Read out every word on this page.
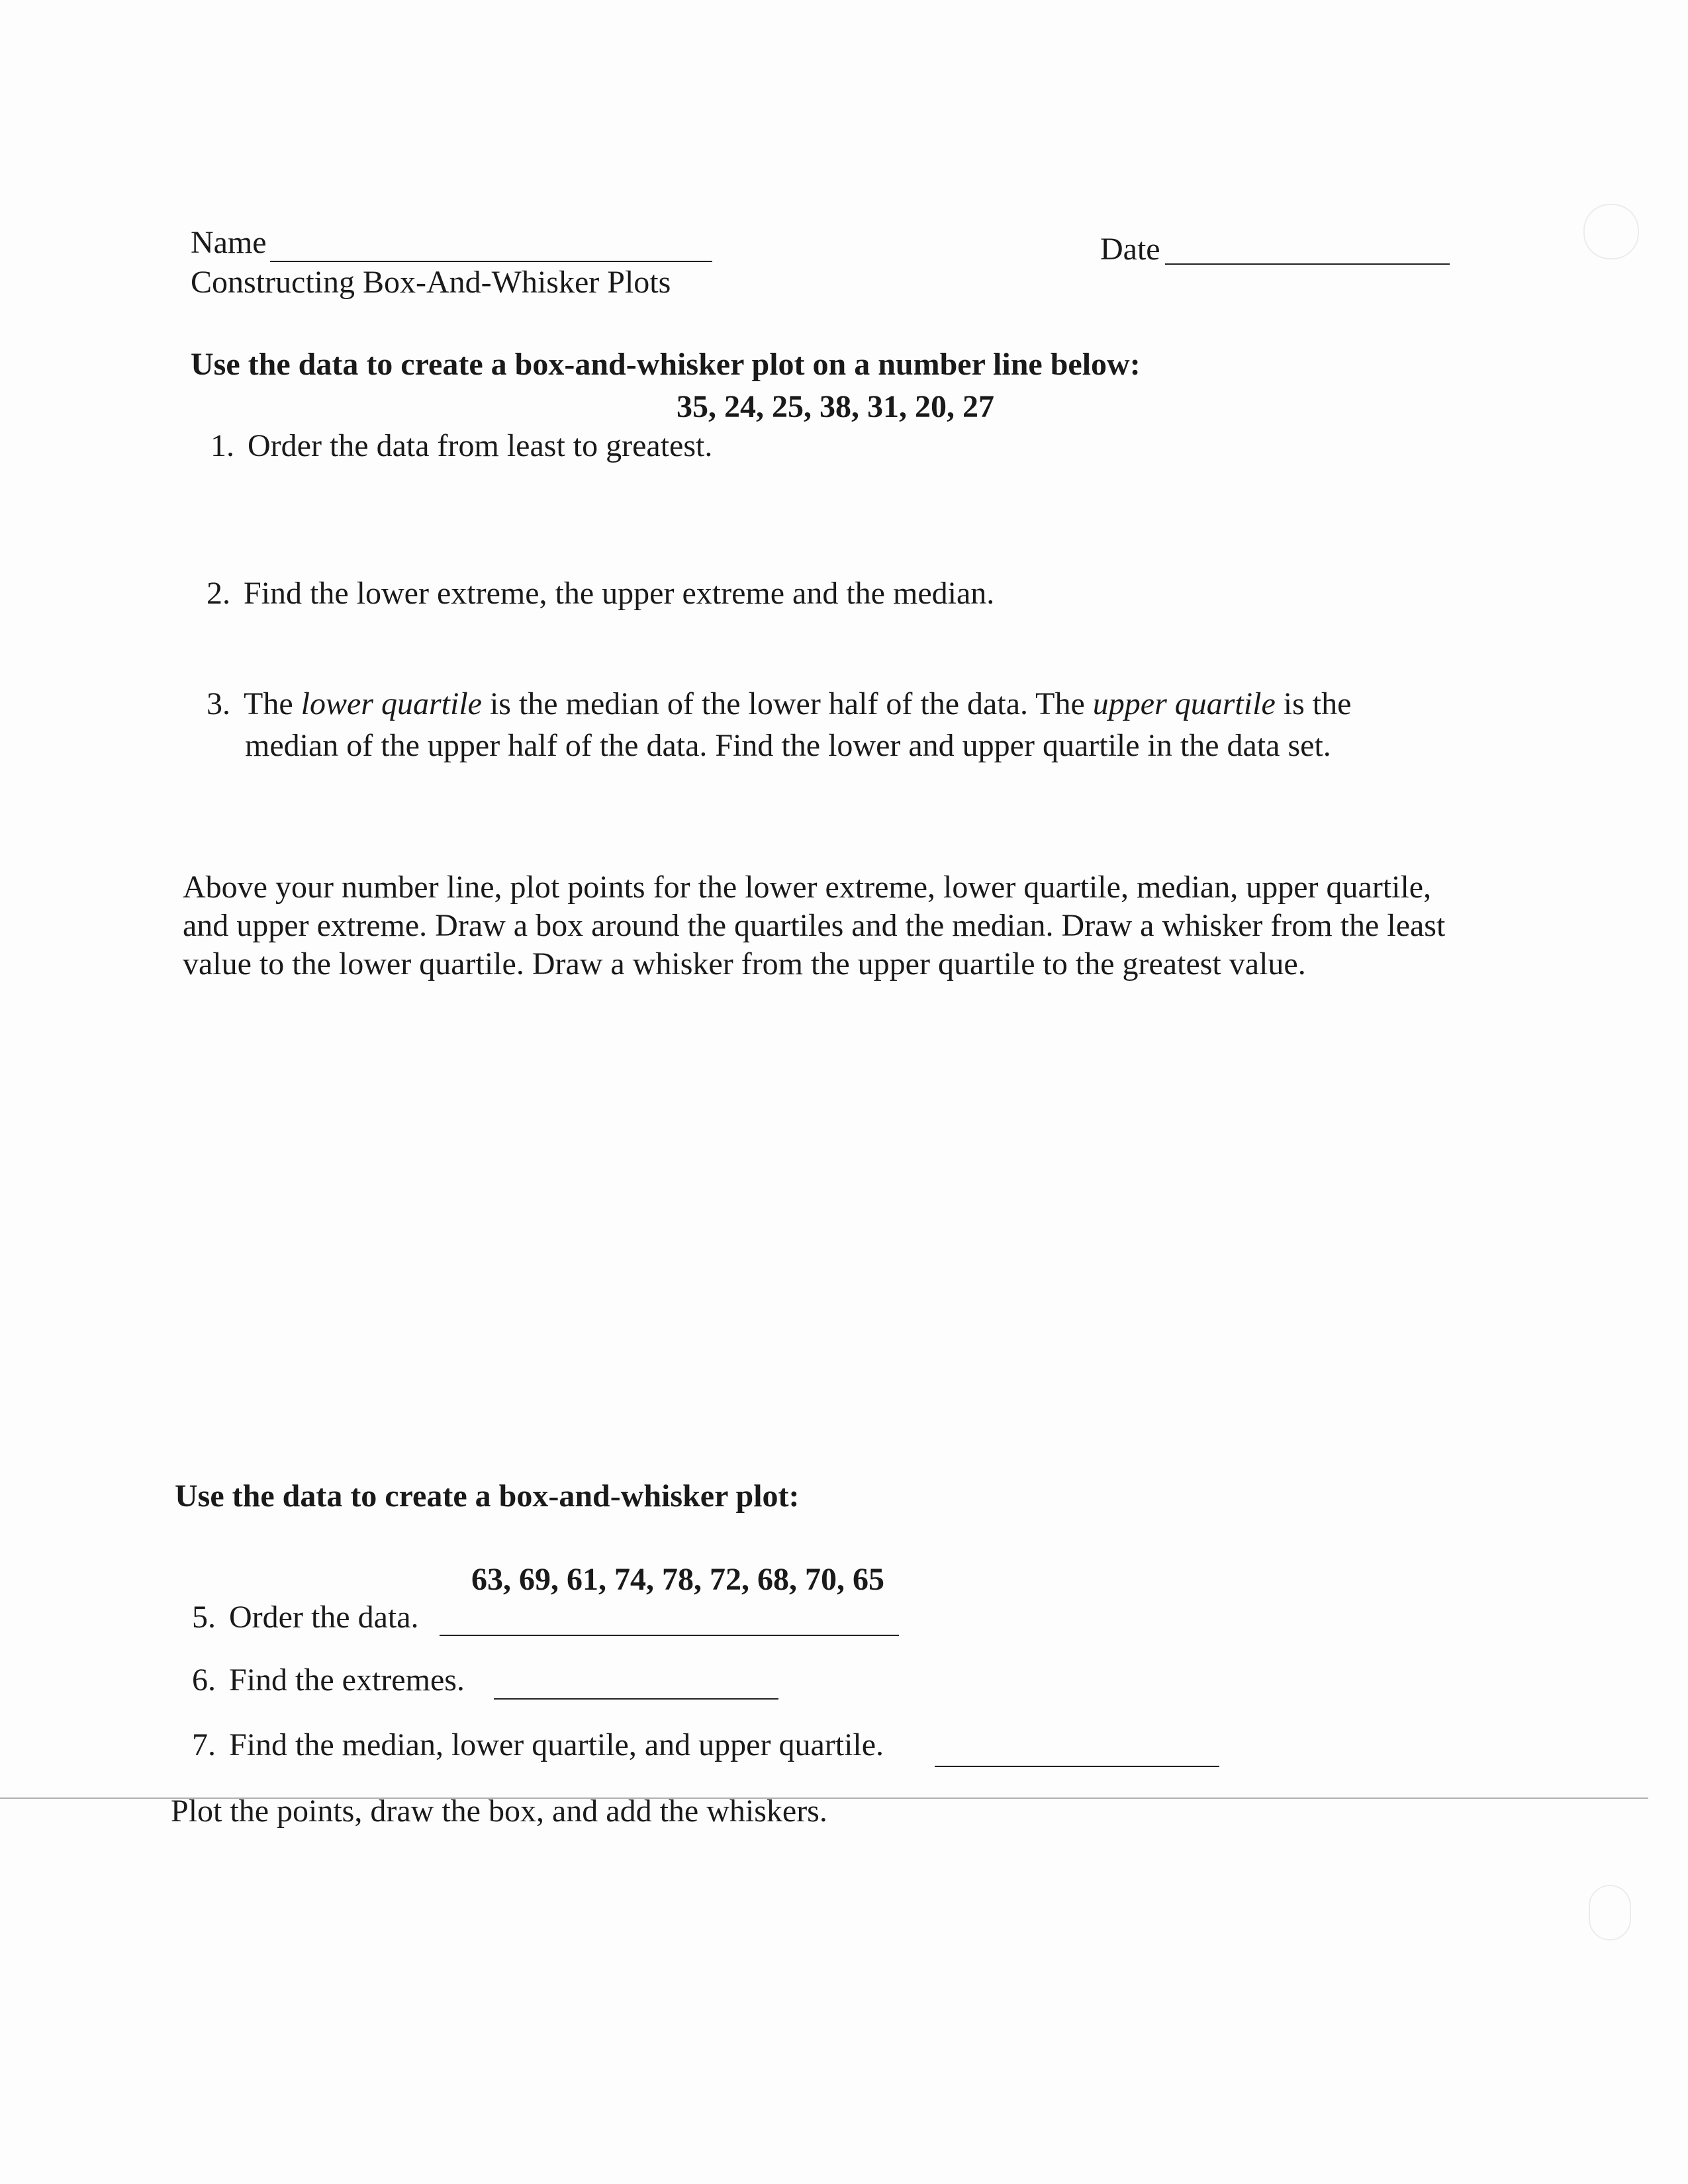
Name	Date
Constructing Box-And-Whisker Plots
Use the data to create a box-and-whisker plot on a number line below:
35, 24, 25, 38, 31, 20, 27
1. Order the data from least to greatest.
2. Find the lower extreme, the upper extreme and the median.
3. The lower quartile is the median of the lower half of the data. The upper quartile is the
median of the upper half of the data. Find the lower and upper quartile in the data set.
Above your number line, plot points for the lower extreme, lower quartile, median, upper quartile, and upper extreme. Draw a box around the quartiles and the median. Draw a whisker from the least value to the lower quartile. Draw a whisker from the upper quartile to the greatest value.
Use the data to create a box-and-whisker plot:
63, 69, 61, 74, 78, 72, 68, 70, 65
5. Order the data.
6. Find the extremes.
7. Find the median, lower quartile, and upper quartile.
Plot the points, draw the box, and add the whiskers.
